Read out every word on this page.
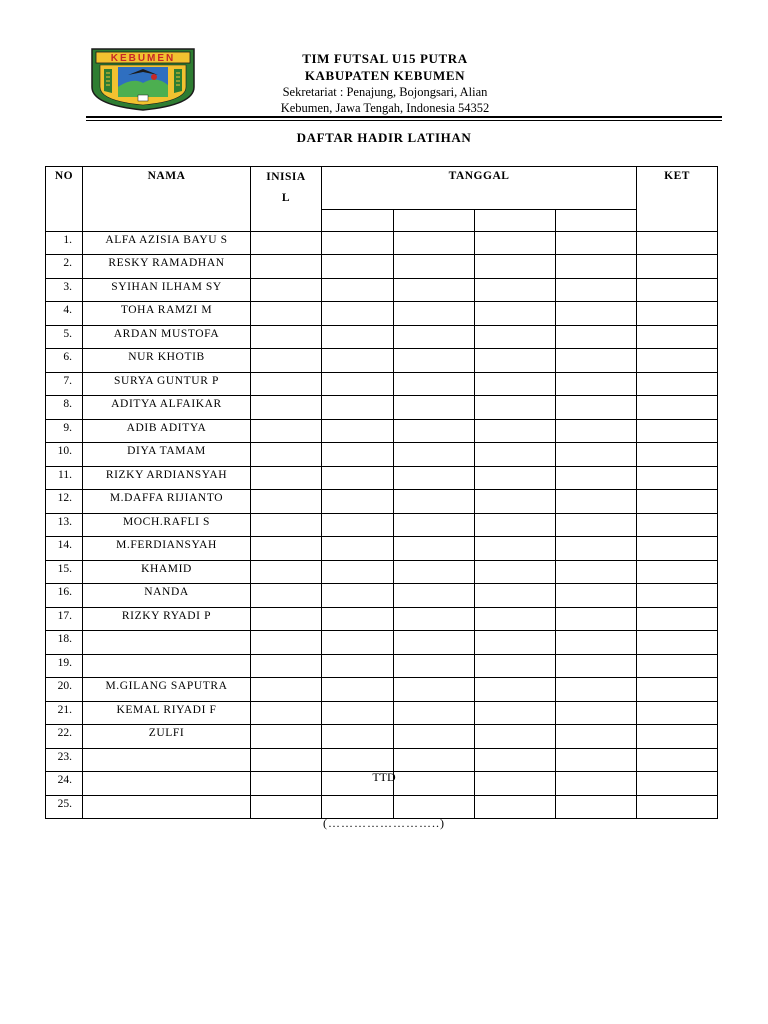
KEBUMEN	TIM FUTSAL U15 PUTRA
KABUPATEN KEBUMEN
Sekretariat : Penajung, Bojongsari, Alian
Kebumen, Jawa Tengah, Indonesia 54352
DAFTAR HADIR LATIHAN
NO	NAMA	INISIA
L	TANGGAL				KET

1.	ALFA AZISIA BAYU S						
2.	RESKY RAMADHAN						
3.	SYIHAN ILHAM SY						
4.	TOHA RAMZI M						
5.	ARDAN MUSTOFA						
6.	NUR KHOTIB						
7.	SURYA GUNTUR P						
8.	ADITYA ALFAIKAR						
9.	ADIB ADITYA						
10.	DIYA TAMAM						
11.	RIZKY ARDIANSYAH						
12.	M.DAFFA RIJIANTO						
13.	MOCH.RAFLI S						
14.	M.FERDIANSYAH						
15.	KHAMID						
16.	NANDA						
17.	RIZKY RYADI P						
18.							
19.							
20.	M.GILANG SAPUTRA						
21.	KEMAL RIYADI F						
22.	ZULFI						
23.							
24.							
25.							
TTD
(……………………..)
